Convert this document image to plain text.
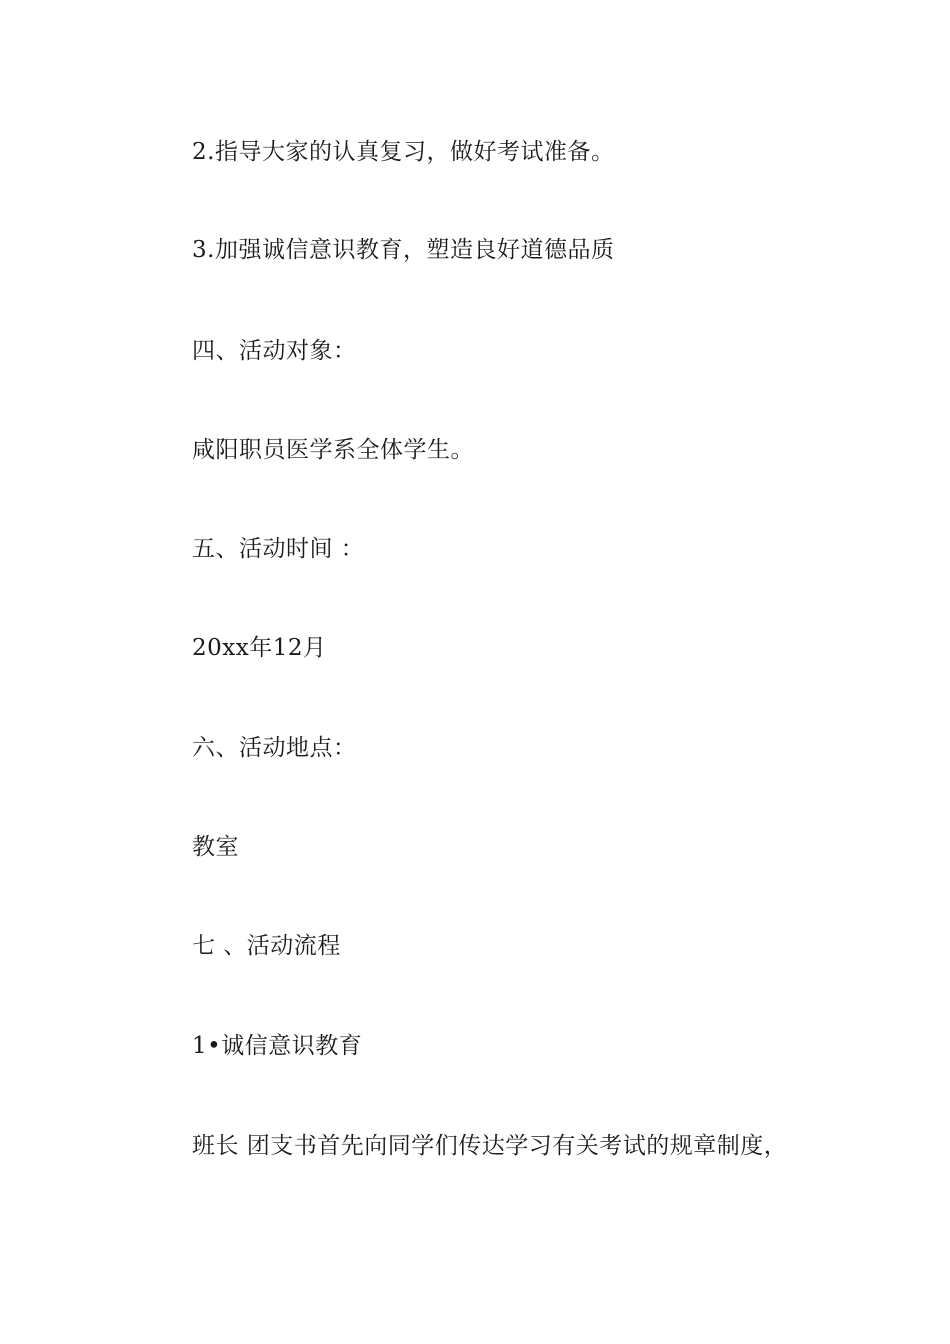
2.指导大家的认真复习，做好考试准备。

3.加强诚信意识教育，塑造良好道德品质

四、活动对象：

咸阳职员医学系全体学生。

五、活动时间 ：

20xx年12月

六、活动地点：

教室

七 、活动流程

1•诚信意识教育

班长 团支书首先向同学们传达学习有关考试的规章制度，
